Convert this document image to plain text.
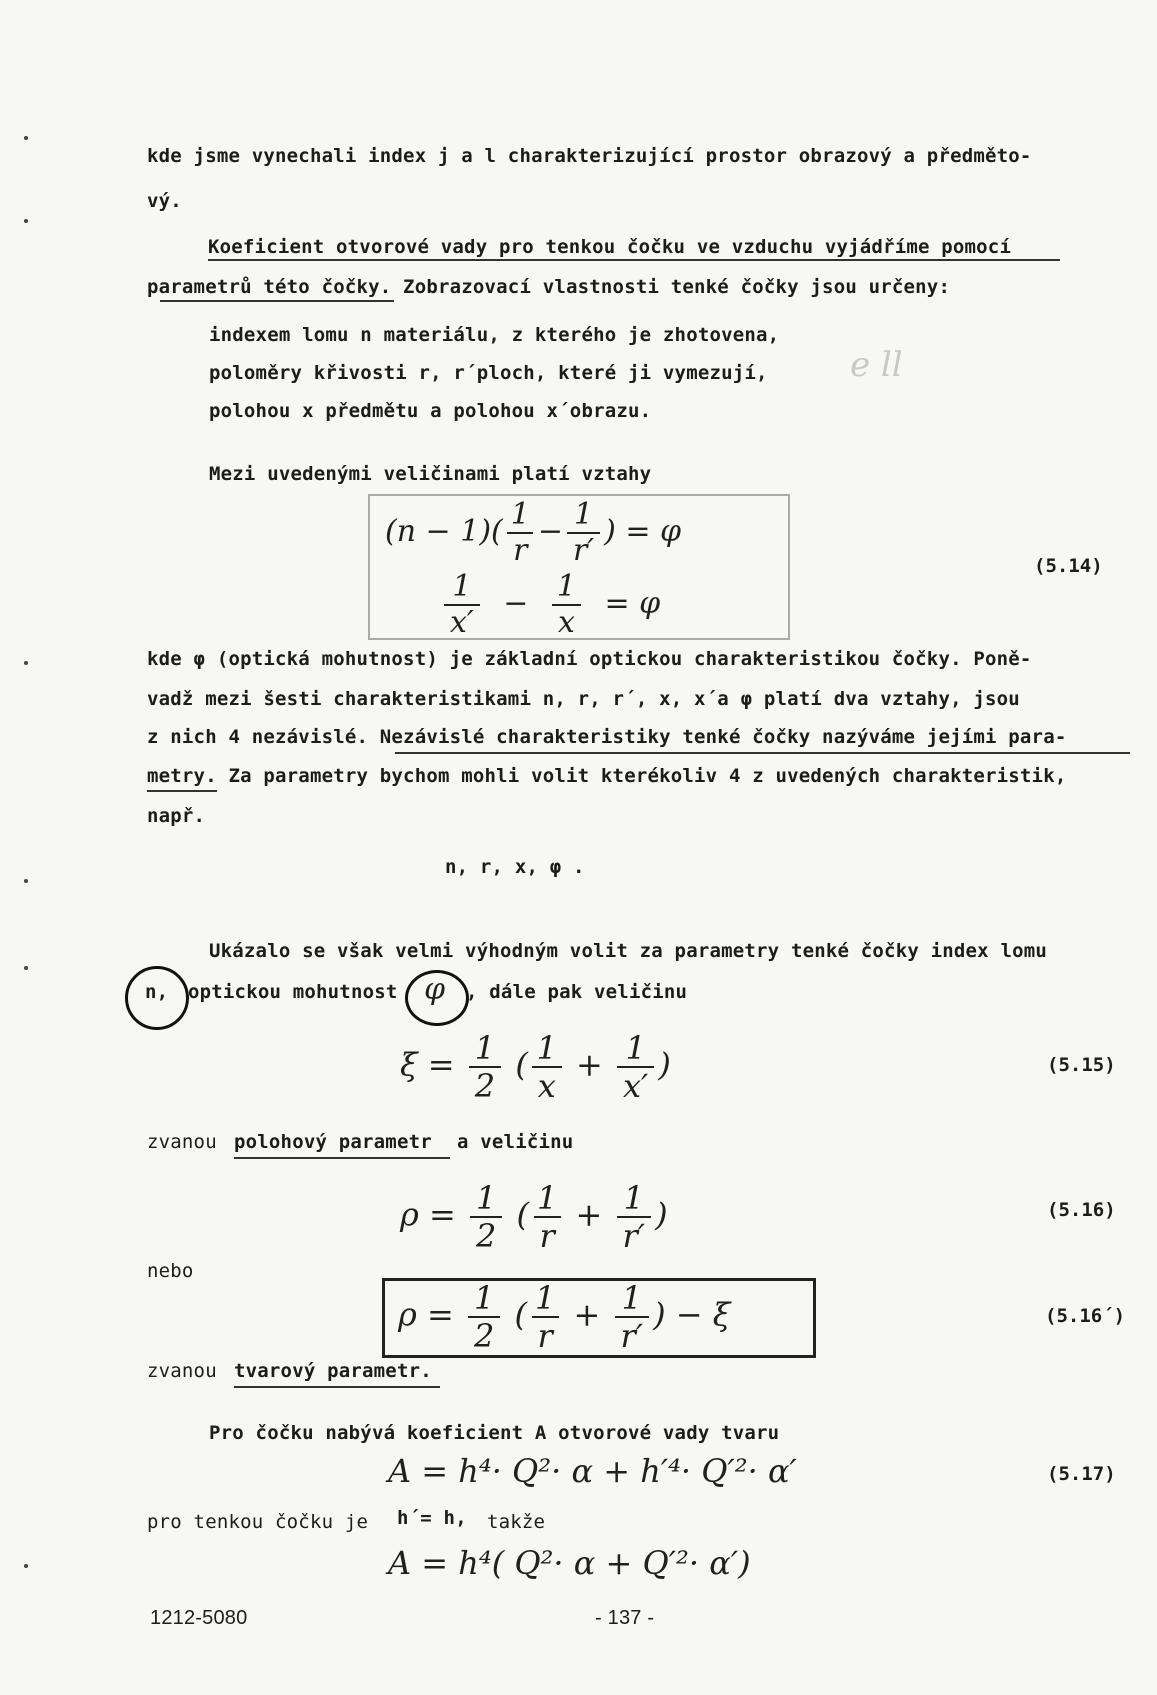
kde jsme vynechali index j a l charakterizující prostor obrazový a předměto-
vý.
Koeficient otvorové vady pro tenkou čočku ve vzduchu vyjádříme pomocí
parametrů této čočky. Zobrazovací vlastnosti tenké čočky jsou určeny:
indexem lomu n materiálu, z kterého je zhotovena,
poloměry křivosti r, r´ploch, které ji vymezují,
polohou x předmětu a polohou x´obrazu.
e ll
Mezi uvedenými veličinami platí vztahy
$(n - 1)( \frac{1}{r} - \frac{1}{r'}$ ) = φ
$\frac{1}{x'} - \frac{1}{x} = \varphi$
(5.14)
kde φ (optická mohutnost) je základní optickou charakteristikou čočky. Poně-
vadž mezi šesti charakteristikami n, r, r´, x, x´a φ platí dva vztahy, jsou
z nich 4 nezávislé. Nezávislé charakteristiky tenké čočky nazýváme jejími para-
metry. Za parametry bychom mohli volit kterékoliv 4 z uvedených charakteristik,
např.
n, r, x, φ .
Ukázalo se však velmi výhodným volit za parametry tenké čočky index lomu
n, optickou mohutnost φ , dále pak veličinu
$\xi = \frac{1}{2}$ ( $\frac{1}{x} + \frac{1}{x'}$ )	(5.15)
zvanou polohový parametr a veličinu
$\rho = \frac{1}{2}$ ( $\frac{1}{r} + \frac{1}{r'}$ )	(5.16)
nebo
$\rho = \frac{1}{2}$ ( $\frac{1}{r} + \frac{1}{r'}$ ) − ξ	(5.16´)
zvanou tvarový parametr.
Pro čočku nabývá koeficient A otvorové vady tvaru
A = h⁴· Q²· α + h′⁴· Q′²· α′	(5.17)
pro tenkou čočku je h´= h, takže
A = h⁴( Q²· α + Q′²· α′)
1212-5080	- 137 -
